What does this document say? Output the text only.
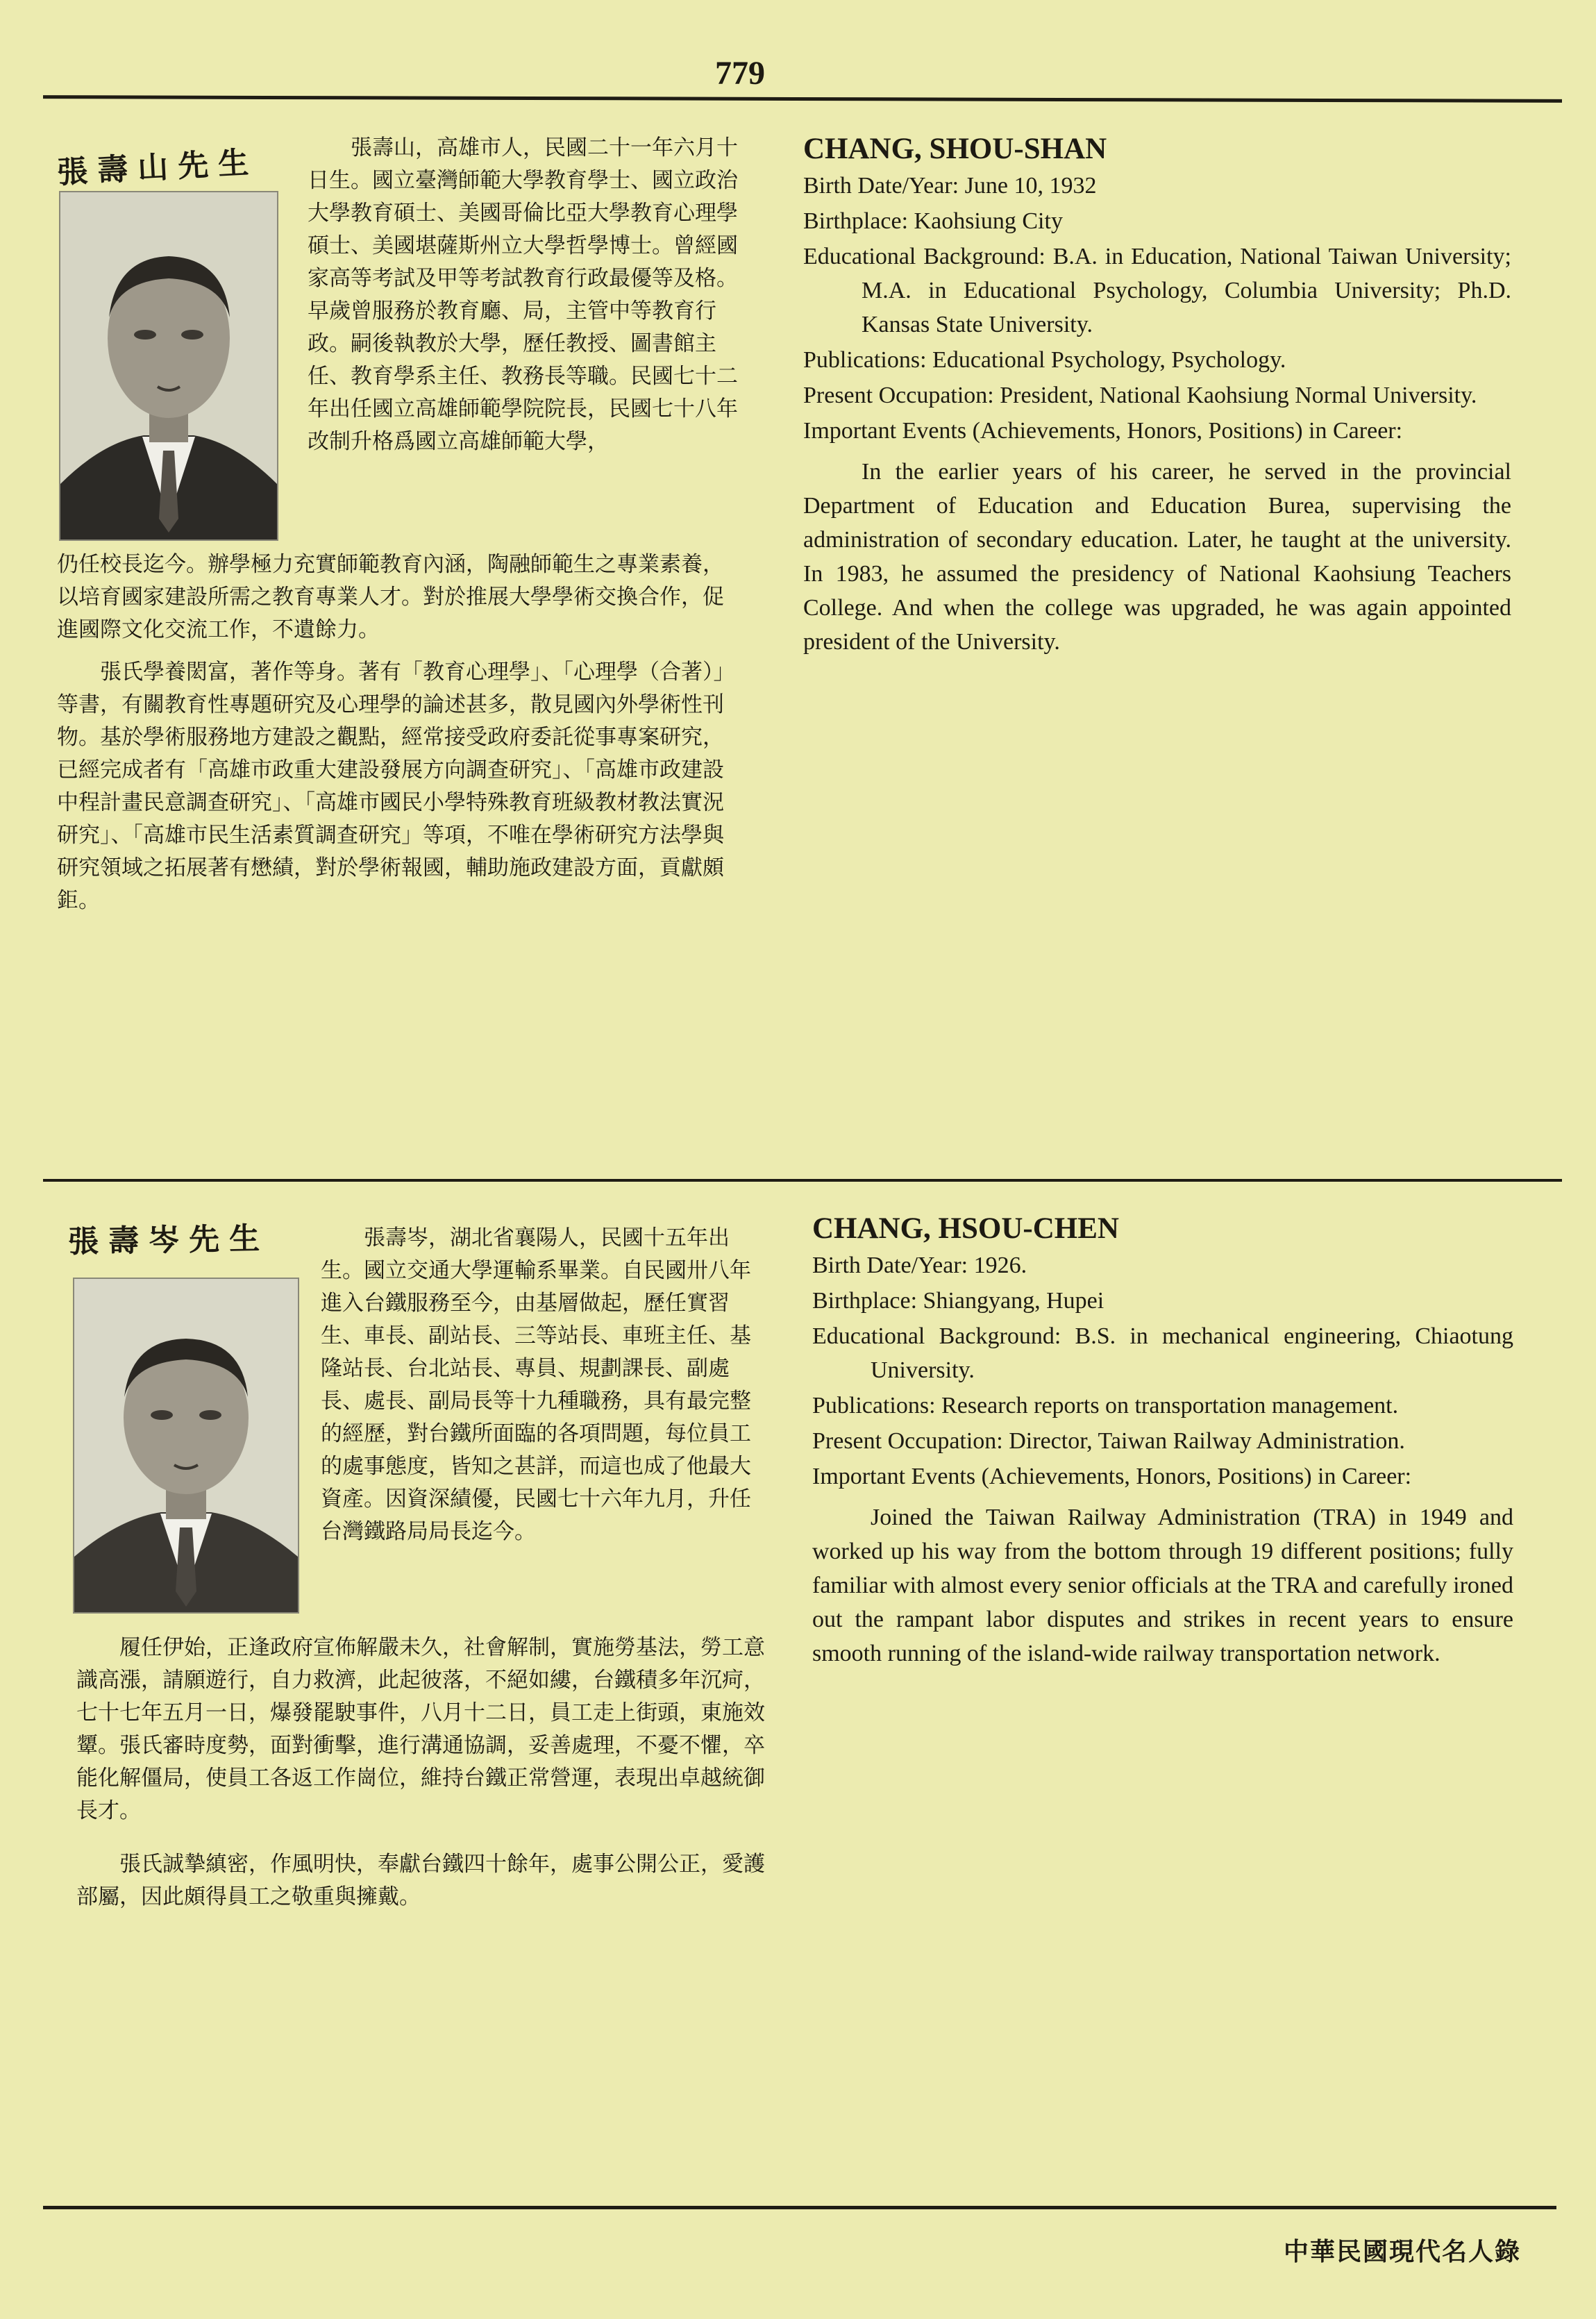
779
張壽山先生	張壽山，高雄市人，民國二十一年六月十日生。國立臺灣師範大學教育學士、國立政治大學教育碩士、美國哥倫比亞大學教育心理學碩士、美國堪薩斯州立大學哲學博士。曾經國家高等考試及甲等考試教育行政最優等及格。早歲曾服務於教育廳、局，主管中等教育行政。嗣後執教於大學，歷任教授、圖書館主任、教育學系主任、教務長等職。民國七十二年出任國立高雄師範學院院長，民國七十八年改制升格爲國立高雄師範大學，

仍任校長迄今。辦學極力充實師範教育內涵，陶融師範生之專業素養，以培育國家建設所需之教育專業人才。對於推展大學學術交換合作，促進國際文化交流工作，不遺餘力。

張氏學養閎富，著作等身。著有「教育心理學」、「心理學（合著）」等書，有關教育性專題研究及心理學的論述甚多，散見國內外學術性刊物。基於學術服務地方建設之觀點，經常接受政府委託從事專案研究，已經完成者有「高雄市政重大建設發展方向調查研究」、「高雄市政建設中程計畫民意調查研究」、「高雄市國民小學特殊教育班級教材教法實況研究」、「高雄市民生活素質調查研究」等項，不唯在學術研究方法學與研究領域之拓展著有懋績，對於學術報國，輔助施政建設方面，貢獻頗鉅。

CHANG, SHOU-SHAN
Birth Date/Year: June 10, 1932
Birthplace: Kaohsiung City
Educational Background: B.A. in Education, National Taiwan University; M.A. in Educational Psychology, Columbia University; Ph.D. Kansas State University.
Publications: Educational Psychology, Psychology.
Present Occupation: President, National Kaohsiung Normal University.
Important Events (Achievements, Honors, Positions) in Career:
In the earlier years of his career, he served in the provincial Department of Education and Education Burea, supervising the administration of secondary education. Later, he taught at the university. In 1983, he assumed the presidency of National Kaohsiung Teachers College. And when the college was upgraded, he was again appointed president of the University.
張壽岑先生	張壽岑，湖北省襄陽人，民國十五年出生。國立交通大學運輸系畢業。自民國卅八年進入台鐵服務至今，由基層做起，歷任實習生、車長、副站長、三等站長、車班主任、基隆站長、台北站長、專員、規劃課長、副處長、處長、副局長等十九種職務，具有最完整的經歷，對台鐵所面臨的各項問題，每位員工的處事態度，皆知之甚詳，而這也成了他最大資產。因資深績優，民國七十六年九月，升任台灣鐵路局局長迄今。

履任伊始，正逢政府宣佈解嚴未久，社會解制，實施勞基法，勞工意識高漲，請願遊行，自力救濟，此起彼落，不絕如縷，台鐵積多年沉疴，七十七年五月一日，爆發罷駛事件，八月十二日，員工走上街頭，東施效顰。張氏審時度勢，面對衝擊，進行溝通協調，妥善處理，不憂不懼，卒能化解僵局，使員工各返工作崗位，維持台鐵正常營運，表現出卓越統御長才。

張氏誠摯縝密，作風明快，奉獻台鐵四十餘年，處事公開公正，愛護部屬，因此頗得員工之敬重與擁戴。

CHANG, HSOU-CHEN
Birth Date/Year: 1926.
Birthplace: Shiangyang, Hupei
Educational Background: B.S. in mechanical engineering, Chiaotung University.
Publications: Research reports on transportation management.
Present Occupation: Director, Taiwan Railway Administration.
Important Events (Achievements, Honors, Positions) in Career:
Joined the Taiwan Railway Administration (TRA) in 1949 and worked up his way from the bottom through 19 different positions; fully familiar with almost every senior officials at the TRA and carefully ironed out the rampant labor disputes and strikes in recent years to ensure smooth running of the island-wide railway transportation network.
中華民國現代名人錄
